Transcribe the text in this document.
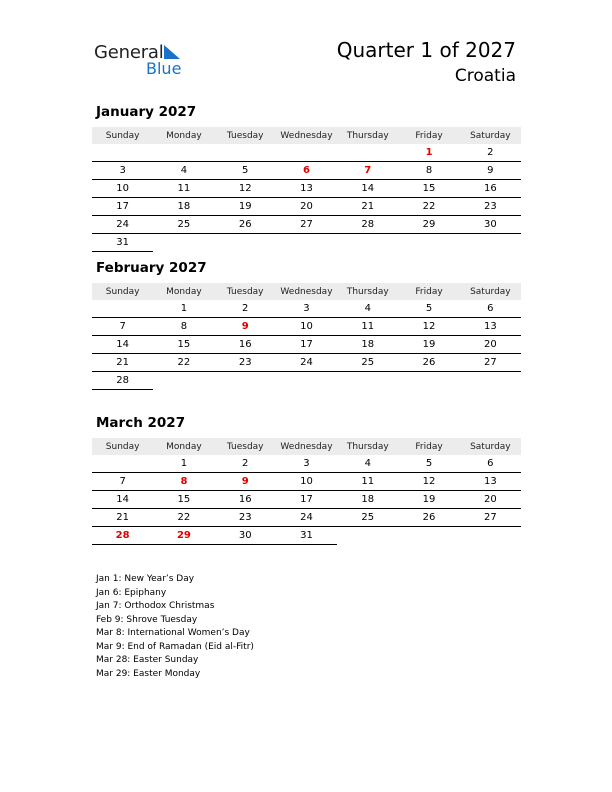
General
Blue
Quarter 1 of 2027
Croatia
January 2027
Sunday	Monday	Tuesday	Wednesday	Thursday	Friday	Saturday
					1	2
3	4	5	6	7	8	9
10	11	12	13	14	15	16
17	18	19	20	21	22	23
24	25	26	27	28	29	30
31						
February 2027
Sunday	Monday	Tuesday	Wednesday	Thursday	Friday	Saturday
	1	2	3	4	5	6
7	8	9	10	11	12	13
14	15	16	17	18	19	20
21	22	23	24	25	26	27
28						
March 2027
Sunday	Monday	Tuesday	Wednesday	Thursday	Friday	Saturday
	1	2	3	4	5	6
7	8	9	10	11	12	13
14	15	16	17	18	19	20
21	22	23	24	25	26	27
28	29	30	31			
Jan 1: New Year’s Day
Jan 6: Epiphany
Jan 7: Orthodox Christmas
Feb 9: Shrove Tuesday
Mar 8: International Women’s Day
Mar 9: End of Ramadan (Eid al-Fitr)
Mar 28: Easter Sunday
Mar 29: Easter Monday
